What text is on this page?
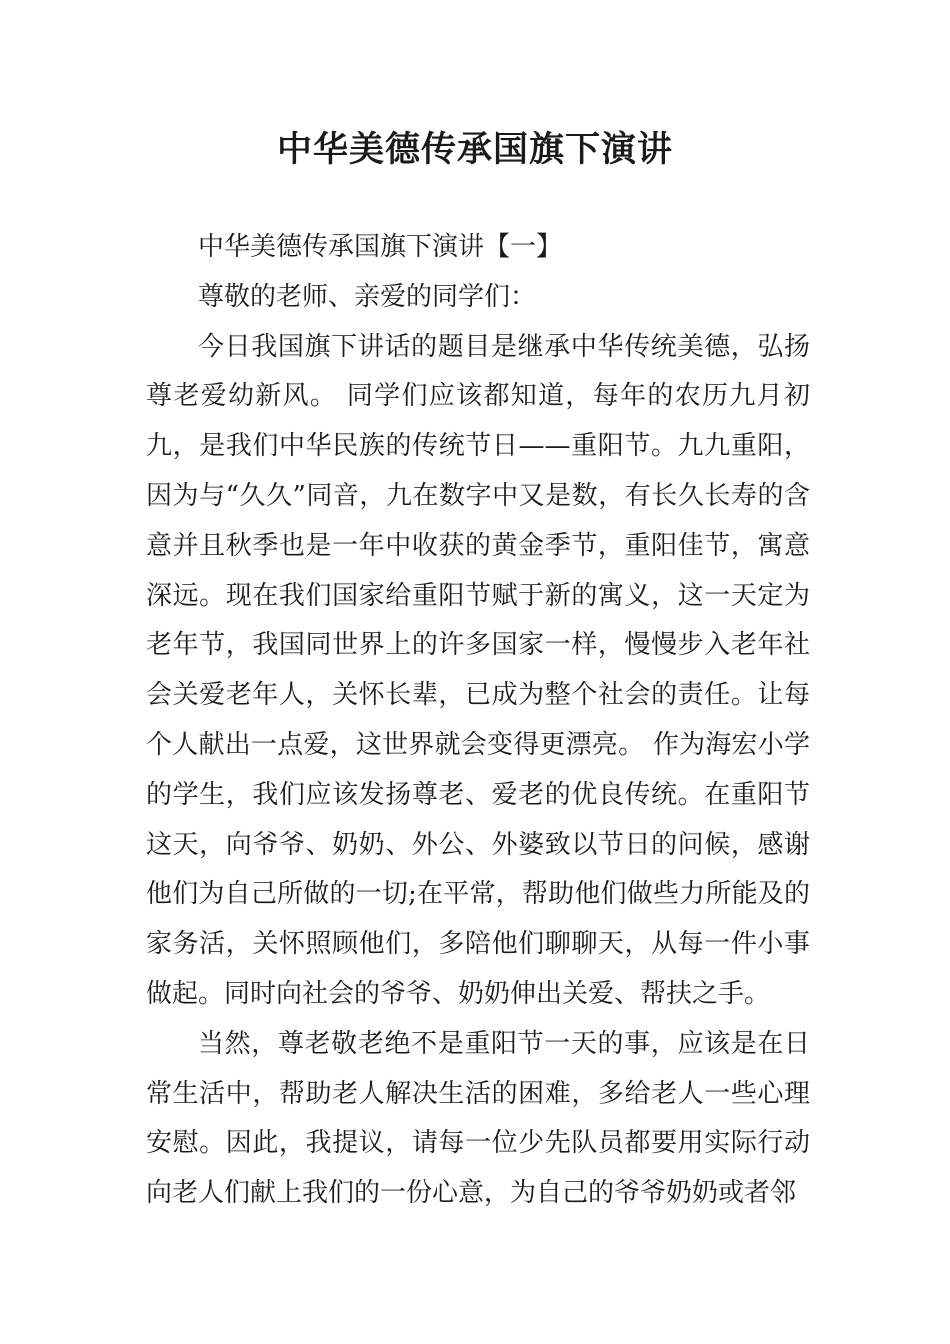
中华美德传承国旗下演讲

中华美德传承国旗下演讲【一】

尊敬的老师、亲爱的同学们：

今日我国旗下讲话的题目是继承中华传统美德，弘扬尊老爱幼新风。 同学们应该都知道，每年的农历九月初九，是我们中华民族的传统节日——重阳节。九九重阳，因为与“久久”同音，九在数字中又是数，有长久长寿的含意并且秋季也是一年中收获的黄金季节，重阳佳节，寓意深远。现在我们国家给重阳节赋于新的寓义，这一天定为老年节，我国同世界上的许多国家一样，慢慢步入老年社会关爱老年人，关怀长辈，已成为整个社会的责任。让每个人献出一点爱，这世界就会变得更漂亮。 作为海宏小学的学生，我们应该发扬尊老、爱老的优良传统。在重阳节这天，向爷爷、奶奶、外公、外婆致以节日的问候，感谢他们为自己所做的一切;在平常，帮助他们做些力所能及的家务活，关怀照顾他们，多陪他们聊聊天，从每一件小事做起。同时向社会的爷爷、奶奶伸出关爱、帮扶之手。

当然，尊老敬老绝不是重阳节一天的事，应该是在日常生活中，帮助老人解决生活的困难，多给老人一些心理安慰。因此，我提议，请每一位少先队员都要用实际行动向老人们献上我们的一份心意，为自己的爷爷奶奶或者邻
